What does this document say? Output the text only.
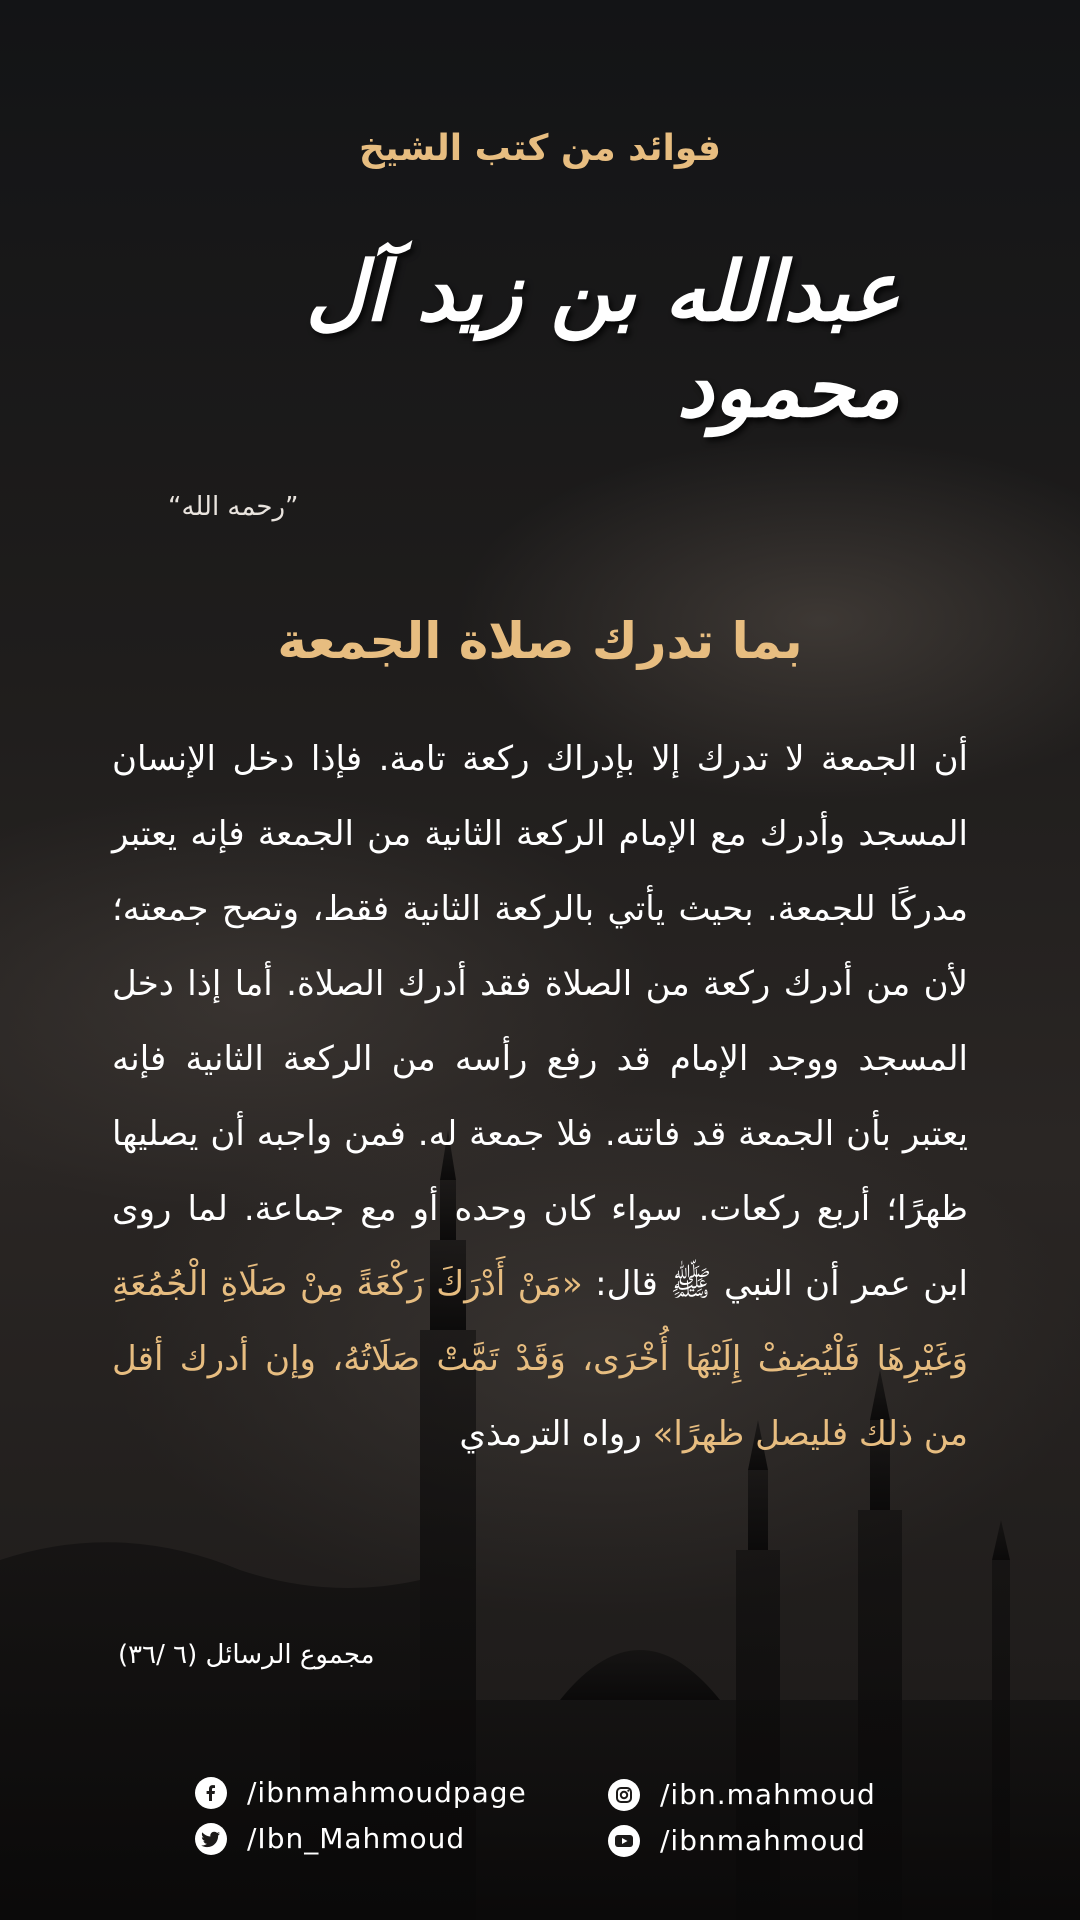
فوائد من كتب الشيخ
عبدالله بن زيد آل محمود
”رحمه الله“
بما تدرك صلاة الجمعة
أن الجمعة لا تدرك إلا بإدراك ركعة تامة. فإذا دخل الإنسان المسجد وأدرك مع الإمام الركعة الثانية من الجمعة فإنه يعتبر مدركًا للجمعة. بحيث يأتي بالركعة الثانية فقط، وتصح جمعته؛ لأن من أدرك ركعة من الصلاة فقد أدرك الصلاة. أما إذا دخل المسجد ووجد الإمام قد رفع رأسه من الركعة الثانية فإنه يعتبر بأن الجمعة قد فاتته. فلا جمعة له. فمن واجبه أن يصليها ظهرًا؛ أربع ركعات. سواء كان وحده أو مع جماعة. لما روى ابن عمر أن النبي ﷺ قال: «مَنْ أَدْرَكَ رَكْعَةً مِنْ صَلَاةِ الْجُمُعَةِ وَغَيْرِهَا فَلْيُضِفْ إِلَيْهَا أُخْرَى، وَقَدْ تَمَّتْ صَلَاتُهُ، وإن أدرك أقل من ذلك فليصل ظهرًا» رواه الترمذي
مجموع الرسائل (٦ /٣٦)
/ibnmahmoudpage
/Ibn_Mahmoud
/ibn.mahmoud
/ibnmahmoud
